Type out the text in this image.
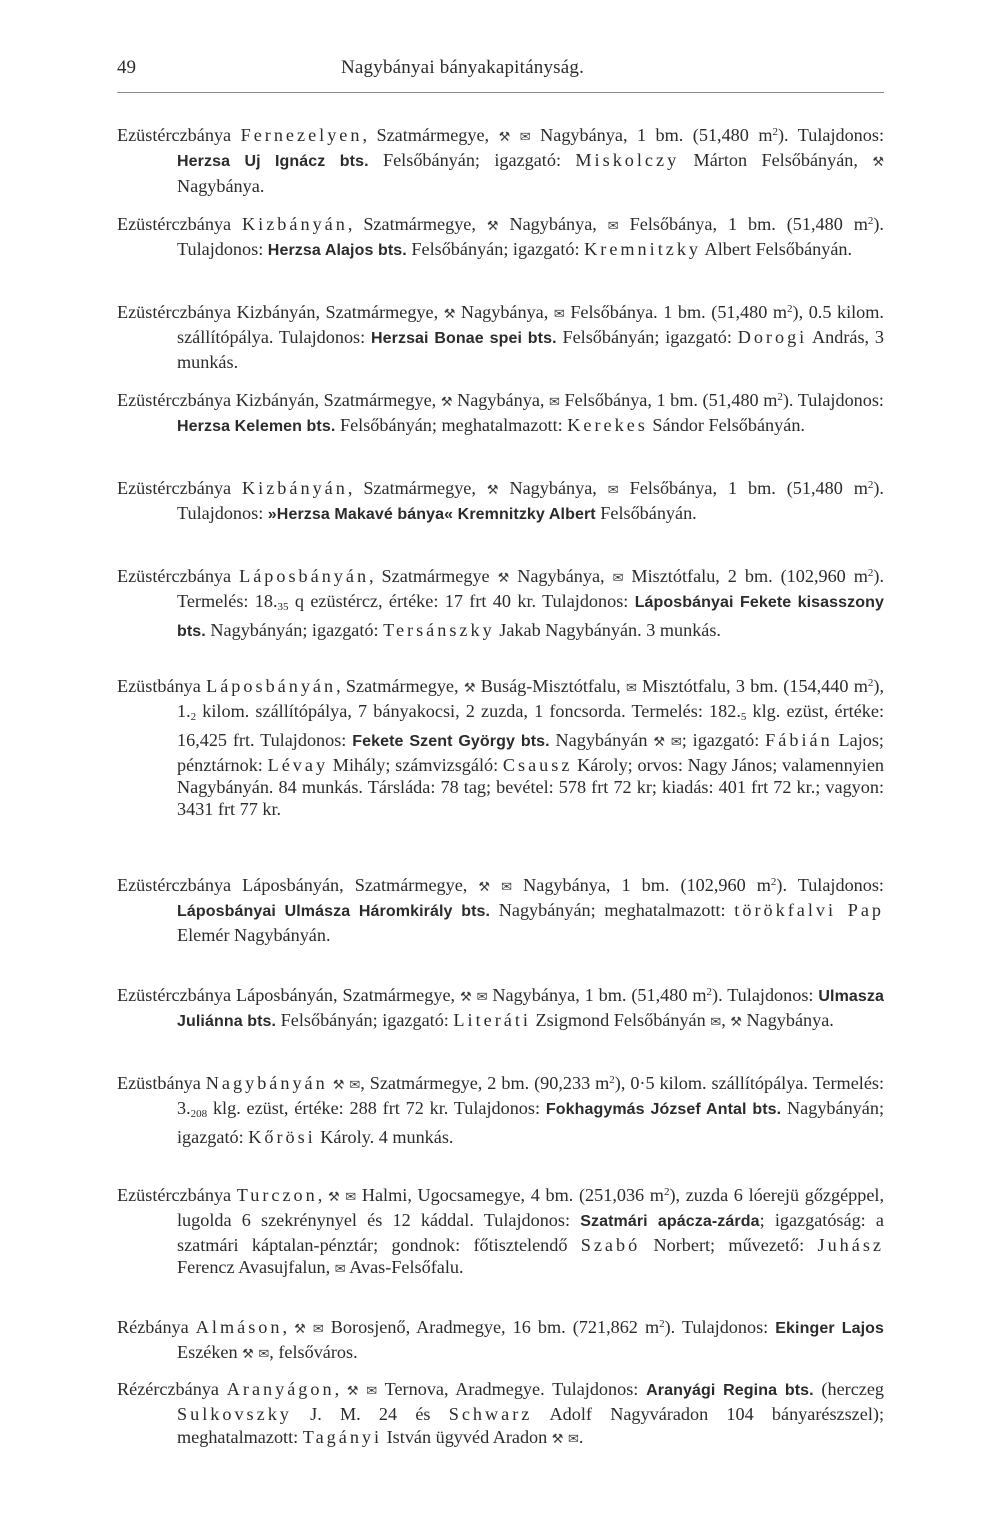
49	Nagybányai bányakapitányság.

Ezüstérczbánya Fernezelyen, Szatmármegye, ⚒ ✉ Nagybánya, 1 bm. (51,480 $m^2$). Tulajdonos: Herzsa Uj Ignácz bts. Felsőbányán; igazgató: Miskolczy Márton Felsőbányán, ⚒ Nagybánya.

Ezüstérczbánya Kizbányán, Szatmármegye, ⚒ Nagybánya, ✉ Felsőbánya, 1 bm. (51,480 $m^2$). Tulajdonos: Herzsa Alajos bts. Felsőbányán; igazgató: Kremnitzky Albert Felsőbányán.

Ezüstérczbánya Kizbányán, Szatmármegye, ⚒ Nagybánya, ✉ Felsőbánya. 1 bm. (51,480 $m^2$), 0.5 kilom. szállítópálya. Tulajdonos: Herzsai Bonae spei bts. Felsőbányán; igazgató: Dorogi András, 3 munkás.

Ezüstérczbánya Kizbányán, Szatmármegye, ⚒ Nagybánya, ✉ Felsőbánya, 1 bm. (51,480 $m^2$). Tulajdonos: Herzsa Kelemen bts. Felsőbányán; meghatalmazott: Kerekes Sándor Felsőbányán.

Ezüstérczbánya Kizbányán, Szatmármegye, ⚒ Nagybánya, ✉ Felsőbánya, 1 bm. (51,480 $m^2$). Tulajdonos: »Herzsa Makavé bánya« Kremnitzky Albert Felsőbányán.

Ezüstérczbánya Láposbányán, Szatmármegye ⚒ Nagybánya, ✉ Misztótfalu, 2 bm. (102,960 $m^2$). Termelés: $18._{35}$ q ezüstércz, értéke: 17 frt 40 kr. Tulajdonos: Láposbányai Fekete kisasszony bts. Nagybányán; igazgató: Tersánszky Jakab Nagybányán. 3 munkás.

Ezüstbánya Láposbányán, Szatmármegye, ⚒ Buság-Misztótfalu, ✉ Misztótfalu, 3 bm. (154,440 $m^2$), $1._2$ kilom. szállítópálya, 7 bányakocsi, 2 zuzda, 1 foncsorda. Termelés: $182._5$ klg. ezüst, értéke: 16,425 frt. Tulajdonos: Fekete Szent György bts. Nagybányán ⚒ ✉; igazgató: Fábián Lajos; pénztárnok: Lévay Mihály; számvizsgáló: Csausz Károly; orvos: Nagy János; valamennyien Nagybányán. 84 munkás. Társláda: 78 tag; bevétel: 578 frt 72 kr; kiadás: 401 frt 72 kr.; vagyon: 3431 frt 77 kr.

Ezüstérczbánya Láposbányán, Szatmármegye, ⚒ ✉ Nagybánya, 1 bm. (102,960 $m^2$). Tulajdonos: Láposbányai Ulmásza Háromkirály bts. Nagybányán; meghatalmazott: törökfalvi Pap Elemér Nagybányán.

Ezüstérczbánya Láposbányán, Szatmármegye, ⚒ ✉ Nagybánya, 1 bm. (51,480 $m^2$). Tulajdonos: Ulmasza Juliánna bts. Felsőbányán; igazgató: Literáti Zsigmond Felsőbányán ✉, ⚒ Nagybánya.

Ezüstbánya Nagybányán ⚒ ✉, Szatmármegye, 2 bm. (90,233 $m^2$), 0·5 kilom. szállítópálya. Termelés: $3._{208}$ klg. ezüst, értéke: 288 frt 72 kr. Tulajdonos: Fokhagymás József Antal bts. Nagybányán; igazgató: Kőrösi Károly. 4 munkás.

Ezüstérczbánya Turczon, ⚒ ✉ Halmi, Ugocsamegye, 4 bm. (251,036 $m^2$), zuzda 6 lóerejü gőzgéppel, lugolda 6 szekrénynyel és 12 káddal. Tulajdonos: Szatmári apácza-zárda; igazgatóság: a szatmári káptalan-pénztár; gondnok: főtisztelendő Szabó Norbert; művezető: Juhász Ferencz Avasujfalun, ✉ Avas-Felsőfalu.

Rézbánya Almáson, ⚒ ✉ Borosjenő, Aradmegye, 16 bm. (721,862 $m^2$). Tulajdonos: Ekinger Lajos Eszéken ⚒ ✉, felsőváros.

Rézérczbánya Aranyágon, ⚒ ✉ Ternova, Aradmegye. Tulajdonos: Aranyági Regina bts. (herczeg Sulkovszky J. M. 24 és Schwarz Adolf Nagyváradon 104 bányarészszel); meghatalmazott: Tagányi István ügyvéd Aradon ⚒ ✉.
